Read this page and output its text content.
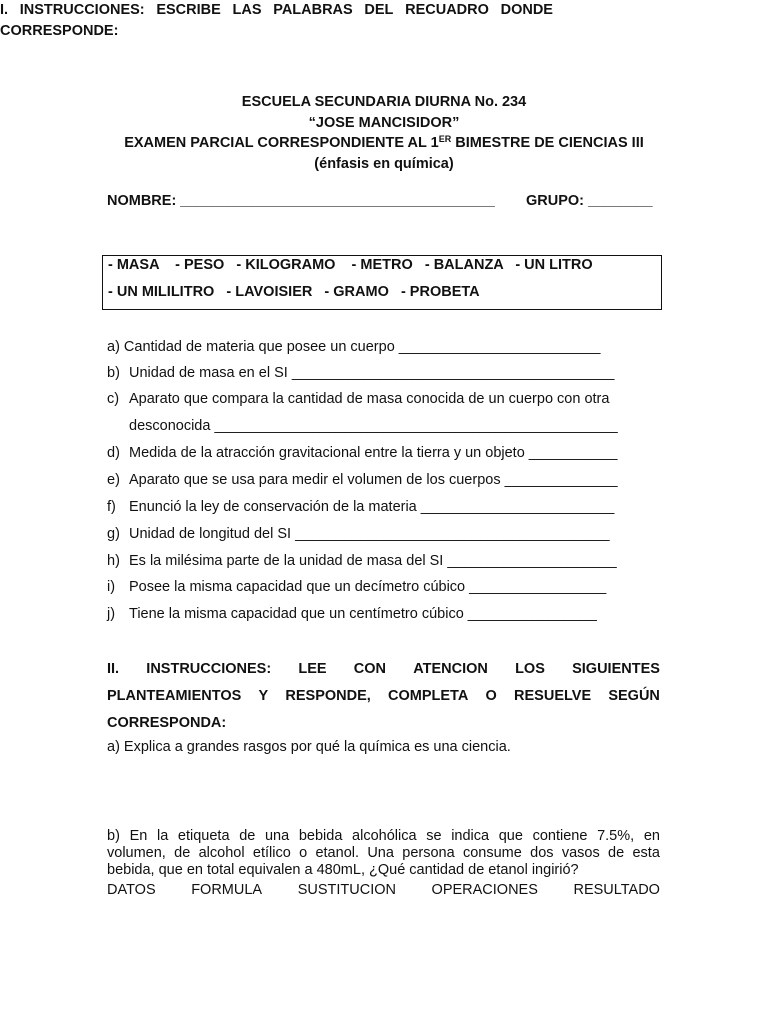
ESCUELA SECUNDARIA DIURNA No. 234
“JOSE MANCISIDOR”
EXAMEN PARCIAL CORRESPONDIENTE AL 1ER BIMESTRE DE CIENCIAS III
(énfasis en química)
NOMBRE: _______________________________________ GRUPO: ________
I. INSTRUCCIONES: ESCRIBE LAS PALABRAS DEL RECUADRO DONDE
CORRESPONDE:
- MASA    - PESO   - KILOGRAMO    - METRO   - BALANZA   - UN LITRO
- UN MILILITRO   - LAVOISIER   - GRAMO   - PROBETA
a) Cantidad de materia que posee un cuerpo _________________________
b) Unidad de masa en el SI ________________________________________
c) Aparato que compara la cantidad de masa conocida de un cuerpo con otra
desconocida __________________________________________________
d) Medida de la atracción gravitacional entre la tierra y un objeto ___________
e) Aparato que se usa para medir el volumen de los cuerpos ______________
f) Enunció la ley de conservación de la materia ________________________
g) Unidad de longitud del SI _______________________________________
h) Es la milésima parte de la unidad de masa del SI _____________________
i) Posee la misma capacidad que un decímetro cúbico _________________
j) Tiene la misma capacidad que un centímetro cúbico ________________
II. INSTRUCCIONES: LEE CON ATENCION LOS SIGUIENTES
PLANTEAMIENTOS Y RESPONDE, COMPLETA O RESUELVE SEGÚN
CORRESPONDA:
a) Explica a grandes rasgos por qué la química es una ciencia.
b) En la etiqueta de una bebida alcohólica se indica que contiene 7.5%, en
volumen, de alcohol etílico o etanol. Una persona consume dos vasos de esta
bebida, que en total equivalen a 480mL, ¿Qué cantidad de etanol ingirió?
DATOS FORMULA SUSTITUCION OPERACIONES RESULTADO
